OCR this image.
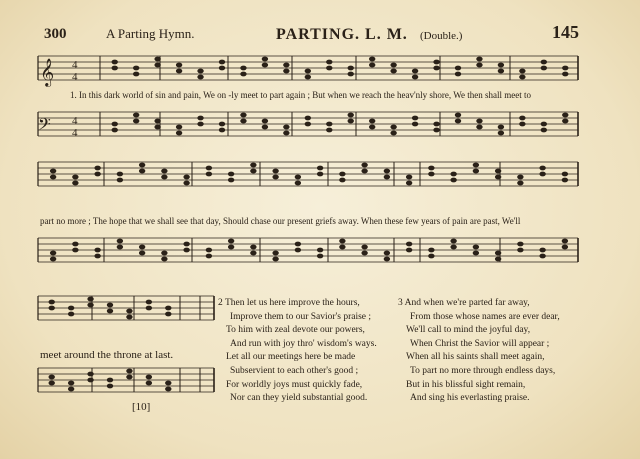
300	A Parting Hymn.	PARTING. L. M. (Double.)	145
𝄞
𝄢
4
4
4
4
1. In this dark world of sin and pain, We on -ly meet to part again ; But when we reach the heav'nly shore, We then shall meet to
part no more ; The hope that we shall see that day, Should chase our present griefs away. When these few years of pain are past, We'll
meet around the throne at last.
2 Then let us here improve the hours,
Improve them to our Savior's praise ;
To him with zeal devote our powers,
And run with joy thro' wisdom's ways.
Let all our meetings here be made
Subservient to each other's good ;
For worldly joys must quickly fade,
Nor can they yield substantial good.
3 And when we're parted far away,
From those whose names are ever dear,
We'll call to mind the joyful day,
When Christ the Savior will appear ;
When all his saints shall meet again,
To part no more through endless days,
But in his blissful sight remain,
And sing his everlasting praise.
[10]
